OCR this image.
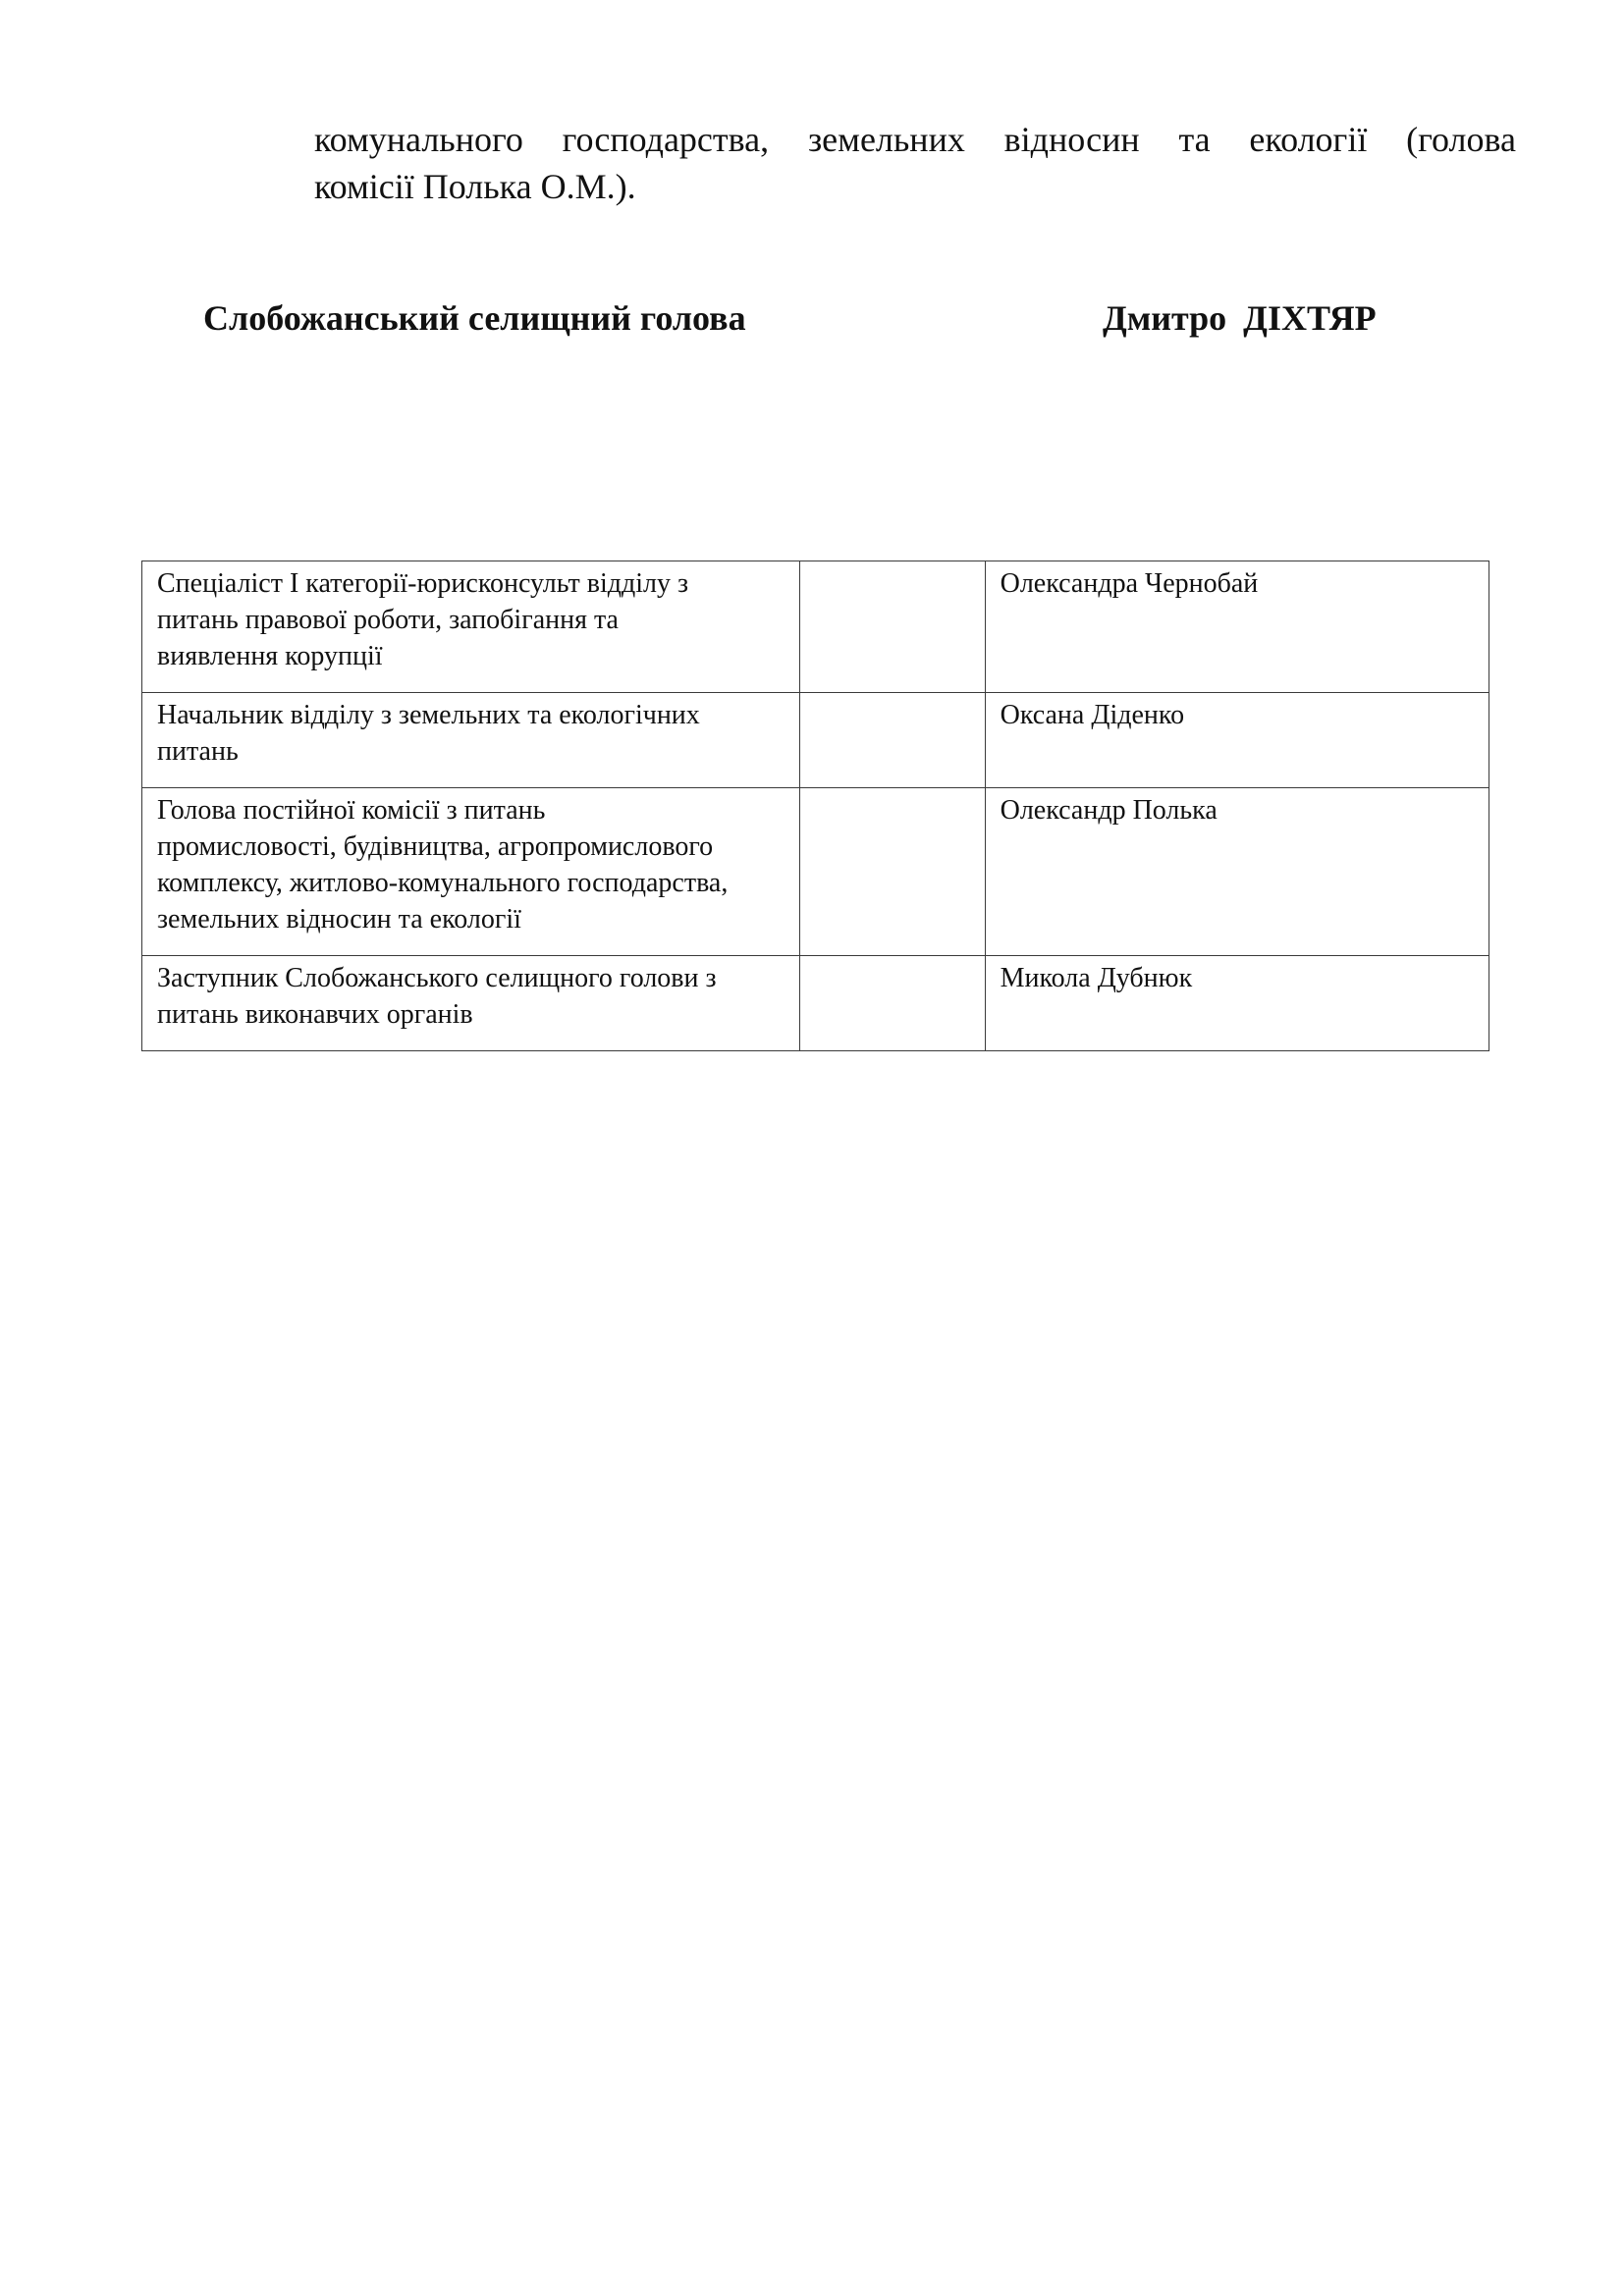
комунального господарства, земельних відносин та екології (голова
комісії Полька О.М.).
Слобожанський селищний голова	Дмитро ДІХТЯР
Спеціаліст І категорії-юрисконсульт відділу з
питань правової роботи, запобігання та
виявлення корупції		Олександра Чернобай

Начальник відділу з земельних та екологічних
питань		Оксана Діденко

Голова постійної комісії з питань
промисловості, будівництва, агропромислового
комплексу, житлово-комунального господарства,
земельних відносин та екології		Олександр Полька

Заступник Слобожанського селищного голови з
питань виконавчих органів		Микола Дубнюк
